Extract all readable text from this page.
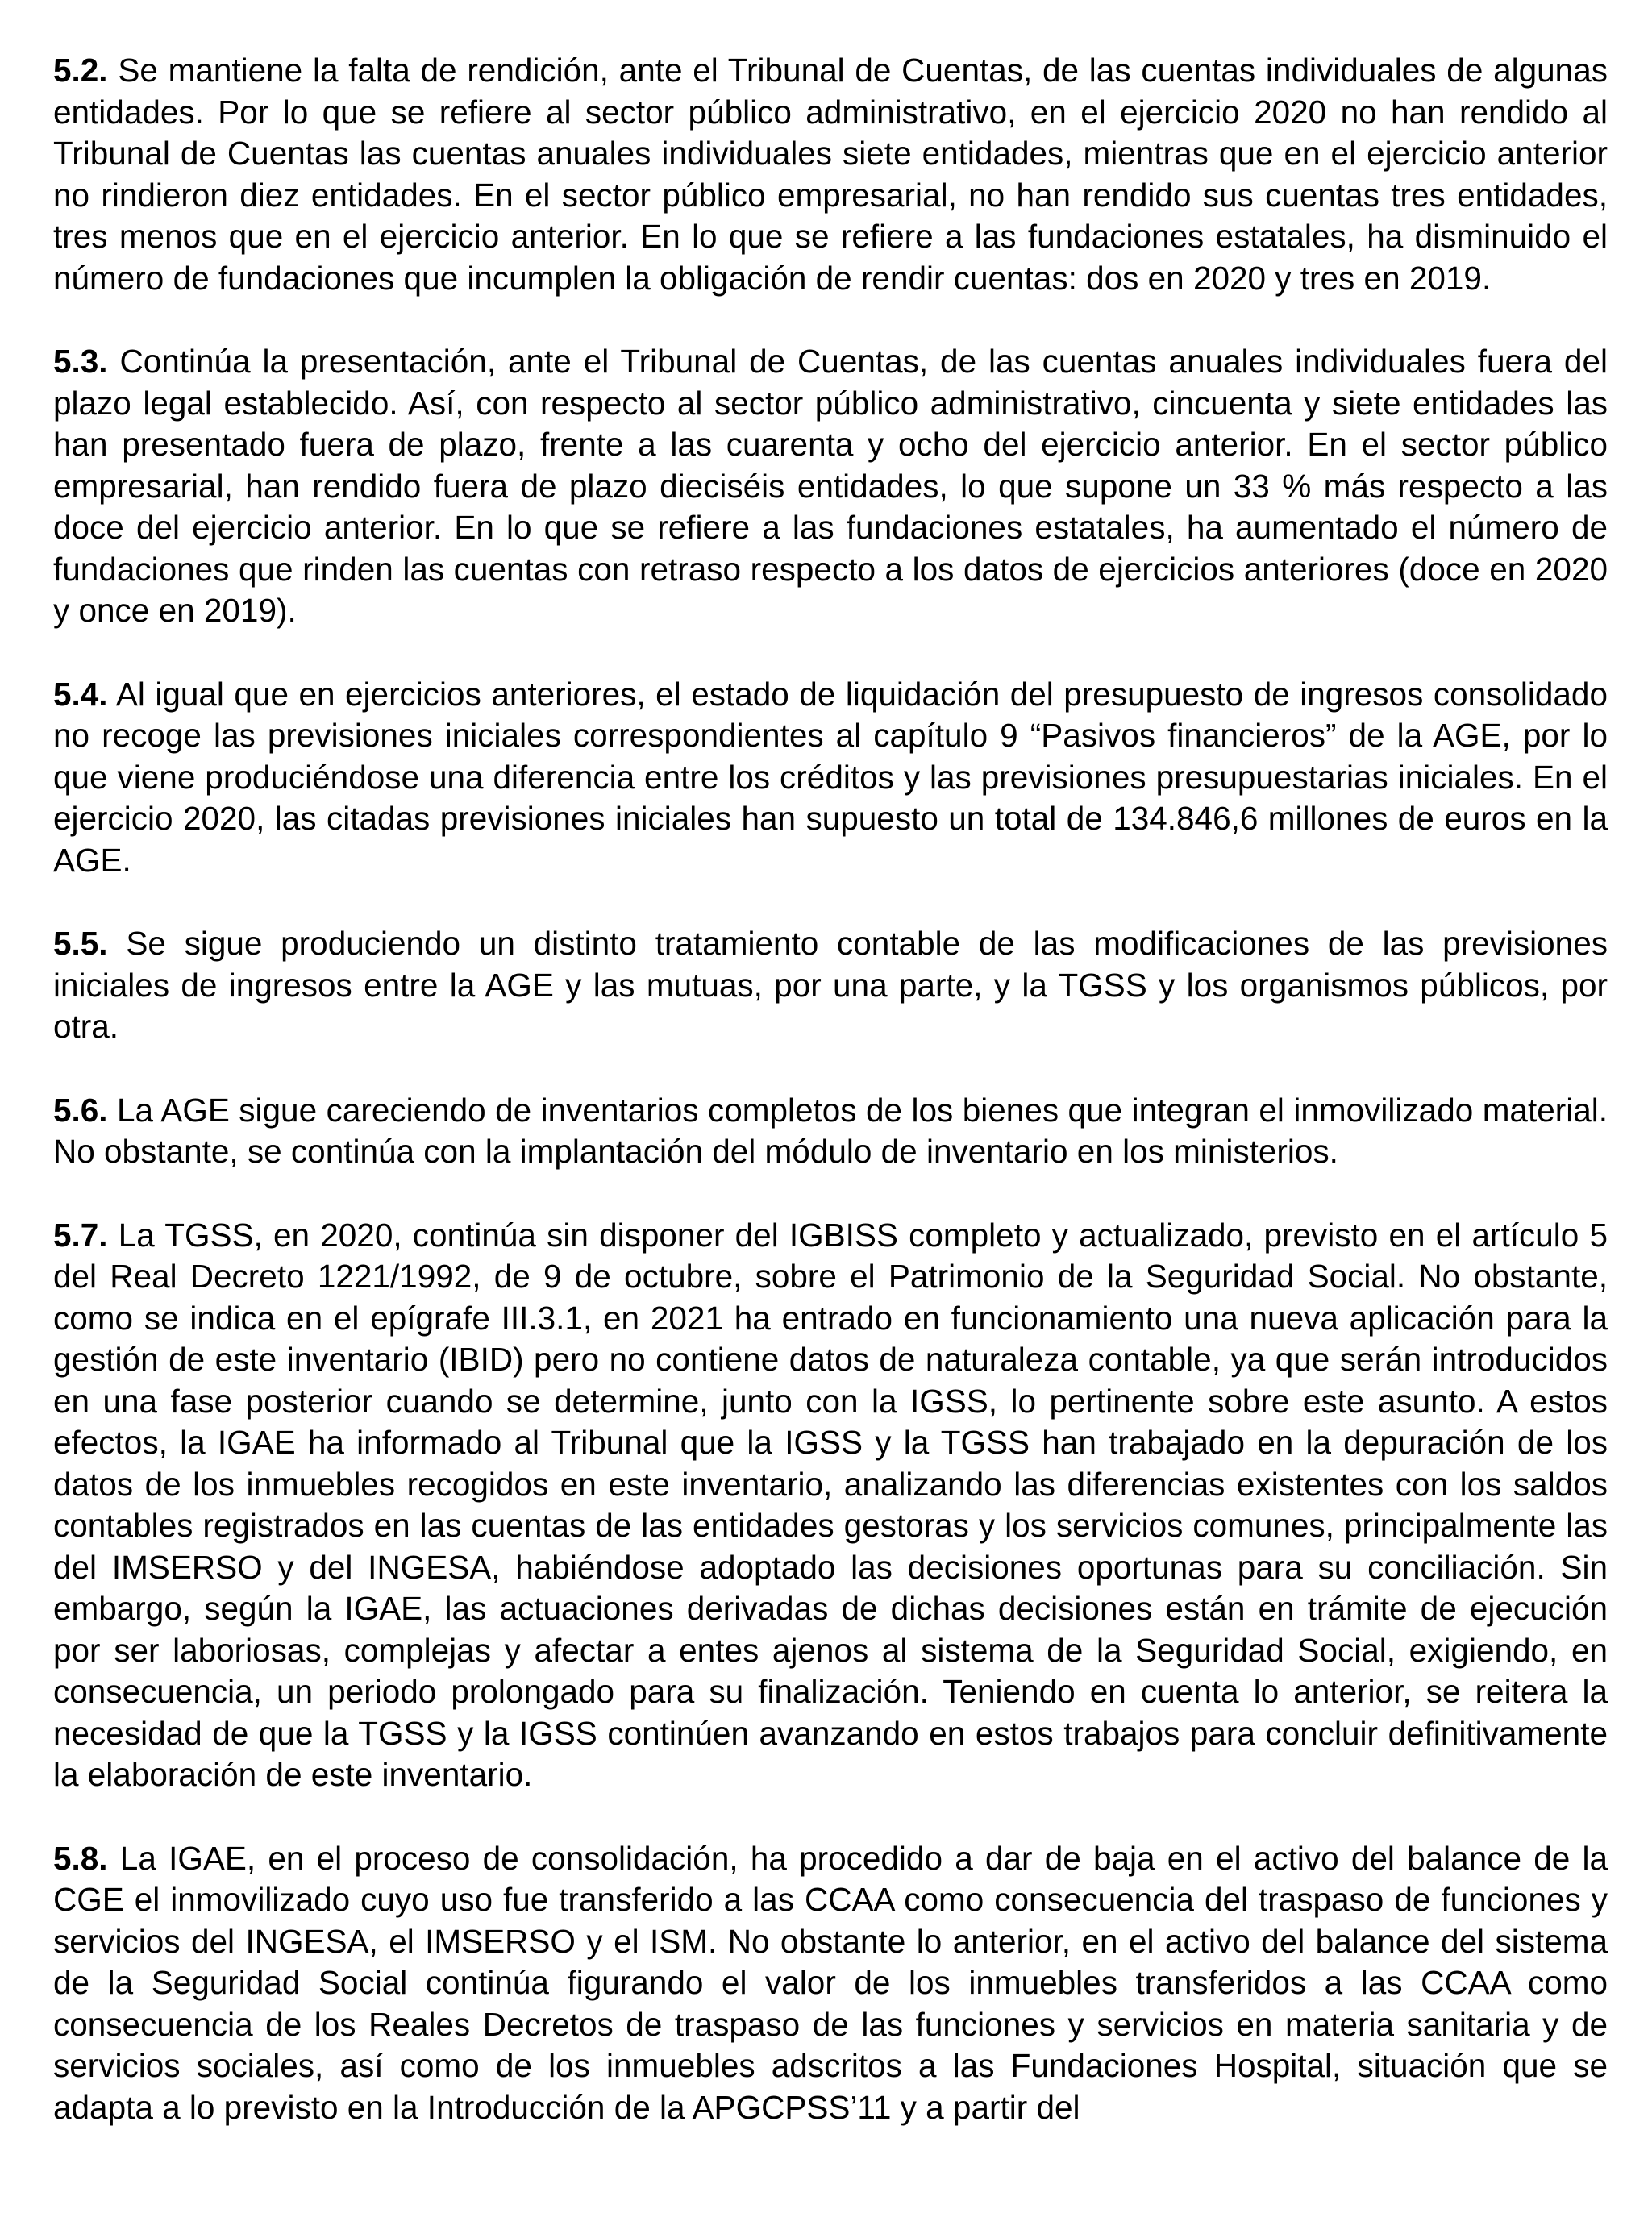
5.2. Se mantiene la falta de rendición, ante el Tribunal de Cuentas, de las cuentas individuales de algunas entidades. Por lo que se refiere al sector público administrativo, en el ejercicio 2020 no han rendido al Tribunal de Cuentas las cuentas anuales individuales siete entidades, mientras que en el ejercicio anterior no rindieron diez entidades. En el sector público empresarial, no han rendido sus cuentas tres entidades, tres menos que en el ejercicio anterior. En lo que se refiere a las fundaciones estatales, ha disminuido el número de fundaciones que incumplen la obligación de rendir cuentas: dos en 2020 y tres en 2019.

5.3. Continúa la presentación, ante el Tribunal de Cuentas, de las cuentas anuales individuales fuera del plazo legal establecido. Así, con respecto al sector público administrativo, cincuenta y siete entidades las han presentado fuera de plazo, frente a las cuarenta y ocho del ejercicio anterior. En el sector público empresarial, han rendido fuera de plazo dieciséis entidades, lo que supone un 33 % más respecto a las doce del ejercicio anterior. En lo que se refiere a las fundaciones estatales, ha aumentado el número de fundaciones que rinden las cuentas con retraso respecto a los datos de ejercicios anteriores (doce en 2020 y once en 2019).

5.4. Al igual que en ejercicios anteriores, el estado de liquidación del presupuesto de ingresos consolidado no recoge las previsiones iniciales correspondientes al capítulo 9 “Pasivos financieros” de la AGE, por lo que viene produciéndose una diferencia entre los créditos y las previsiones presupuestarias iniciales. En el ejercicio 2020, las citadas previsiones iniciales han supuesto un total de 134.846,6 millones de euros en la AGE.

5.5. Se sigue produciendo un distinto tratamiento contable de las modificaciones de las previsiones iniciales de ingresos entre la AGE y las mutuas, por una parte, y la TGSS y los organismos públicos, por otra.

5.6. La AGE sigue careciendo de inventarios completos de los bienes que integran el inmovilizado material. No obstante, se continúa con la implantación del módulo de inventario en los ministerios.

5.7. La TGSS, en 2020, continúa sin disponer del IGBISS completo y actualizado, previsto en el artículo 5 del Real Decreto 1221/1992, de 9 de octubre, sobre el Patrimonio de la Seguridad Social. No obstante, como se indica en el epígrafe III.3.1, en 2021 ha entrado en funcionamiento una nueva aplicación para la gestión de este inventario (IBID) pero no contiene datos de naturaleza contable, ya que serán introducidos en una fase posterior cuando se determine, junto con la IGSS, lo pertinente sobre este asunto. A estos efectos, la IGAE ha informado al Tribunal que la IGSS y la TGSS han trabajado en la depuración de los datos de los inmuebles recogidos en este inventario, analizando las diferencias existentes con los saldos contables registrados en las cuentas de las entidades gestoras y los servicios comunes, principalmente las del IMSERSO y del INGESA, habiéndose adoptado las decisiones oportunas para su conciliación. Sin embargo, según la IGAE, las actuaciones derivadas de dichas decisiones están en trámite de ejecución por ser laboriosas, complejas y afectar a entes ajenos al sistema de la Seguridad Social, exigiendo, en consecuencia, un periodo prolongado para su finalización. Teniendo en cuenta lo anterior, se reitera la necesidad de que la TGSS y la IGSS continúen avanzando en estos trabajos para concluir definitivamente la elaboración de este inventario.

5.8. La IGAE, en el proceso de consolidación, ha procedido a dar de baja en el activo del balance de la CGE el inmovilizado cuyo uso fue transferido a las CCAA como consecuencia del traspaso de funciones y servicios del INGESA, el IMSERSO y el ISM. No obstante lo anterior, en el activo del balance del sistema de la Seguridad Social continúa figurando el valor de los inmuebles transferidos a las CCAA como consecuencia de los Reales Decretos de traspaso de las funciones y servicios en materia sanitaria y de servicios sociales, así como de los inmuebles adscritos a las Fundaciones Hospital, situación que se adapta a lo previsto en la Introducción de la APGCPSS’11 y a partir del
